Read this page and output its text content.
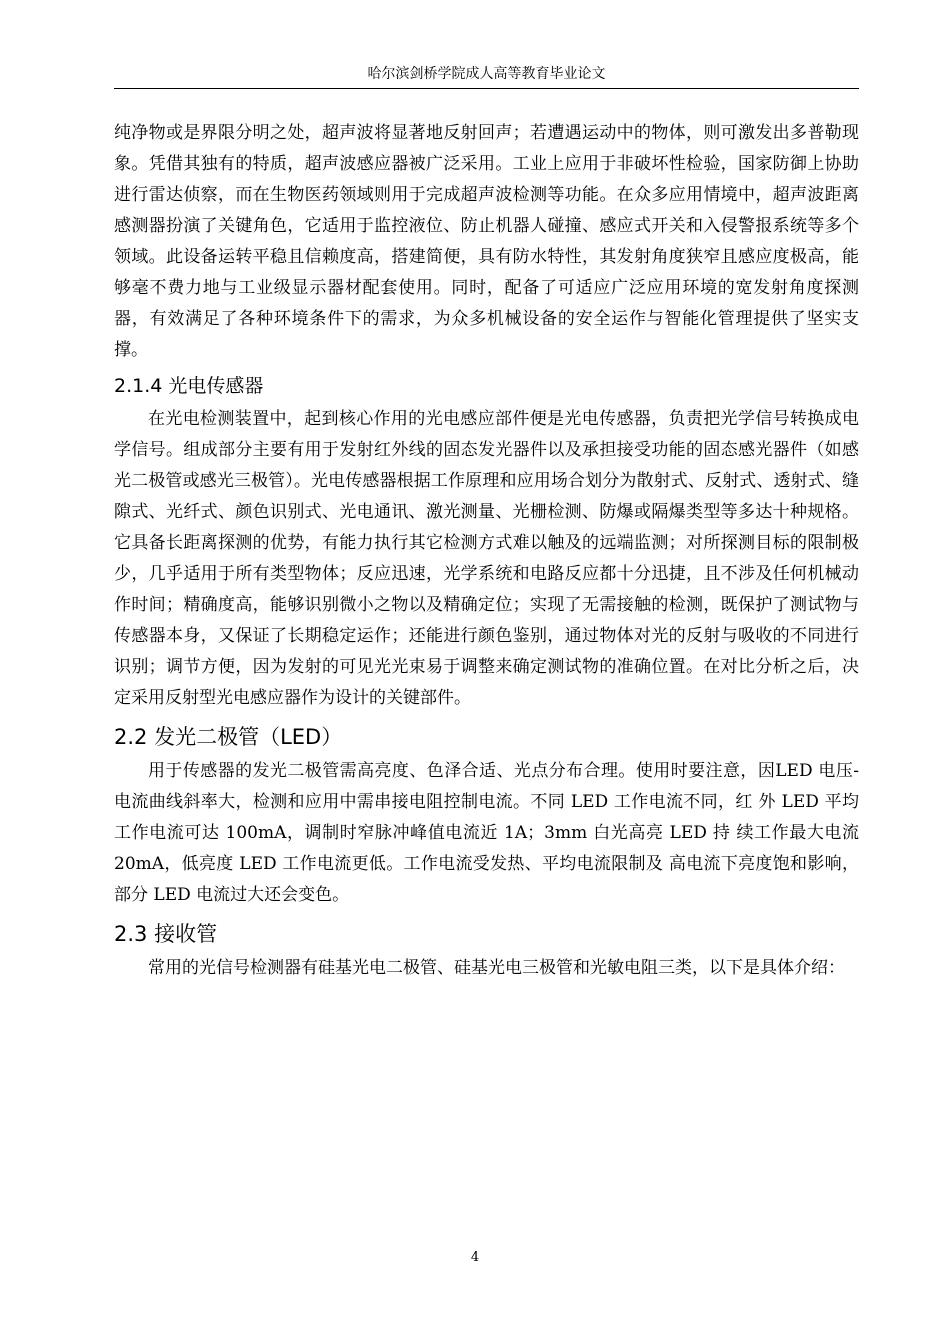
哈尔滨剑桥学院成人高等教育毕业论文

纯净物或是界限分明之处，超声波将显著地反射回声；若遭遇运动中的物体，则可激发出多普勒现象。凭借其独有的特质，超声波感应器被广泛采用。工业上应用于非破坏性检验，国家防御上协助进行雷达侦察，而在生物医药领域则用于完成超声波检测等功能。在众多应用情境中，超声波距离感测器扮演了关键角色，它适用于监控液位、防止机器人碰撞、感应式开关和入侵警报系统等多个领域。此设备运转平稳且信赖度高，搭建简便，具有防水特性，其发射角度狭窄且感应度极高，能够毫不费力地与工业级显示器材配套使用。同时，配备了可适应广泛应用环境的宽发射角度探测器，有效满足了各种环境条件下的需求，为众多机械设备的安全运作与智能化管理提供了坚实支撑。

2.1.4 光电传感器

在光电检测装置中，起到核心作用的光电感应部件便是光电传感器，负责把光学信号转换成电学信号。组成部分主要有用于发射红外线的固态发光器件以及承担接受功能的固态感光器件（如感光二极管或感光三极管）。光电传感器根据工作原理和应用场合划分为散射式、反射式、透射式、缝隙式、光纤式、颜色识别式、光电通讯、激光测量、光栅检测、防爆或隔爆类型等多达十种规格。它具备长距离探测的优势，有能力执行其它检测方式难以触及的远端监测；对所探测目标的限制极少，几乎适用于所有类型物体；反应迅速，光学系统和电路反应都十分迅捷，且不涉及任何机械动作时间；精确度高，能够识别微小之物以及精确定位；实现了无需接触的检测，既保护了测试物与传感器本身，又保证了长期稳定运作；还能进行颜色鉴别，通过物体对光的反射与吸收的不同进行识别；调节方便，因为发射的可见光光束易于调整来确定测试物的准确位置。在对比分析之后，决定采用反射型光电感应器作为设计的关键部件。

2.2 发光二极管（LED）

用于传感器的发光二极管需高亮度、色泽合适、光点分布合理。使用时要注意，因LED 电压-电流曲线斜率大，检测和应用中需串接电阻控制电流。不同 LED 工作电流不同，红 外 LED 平均工作电流可达 100mA，调制时窄脉冲峰值电流近 1A；3mm 白光高亮 LED 持 续工作最大电流 20mA，低亮度 LED 工作电流更低。工作电流受发热、平均电流限制及 高电流下亮度饱和影响，部分 LED 电流过大还会变色。

2.3 接收管

常用的光信号检测器有硅基光电二极管、硅基光电三极管和光敏电阻三类，以下是具体介绍：

4
